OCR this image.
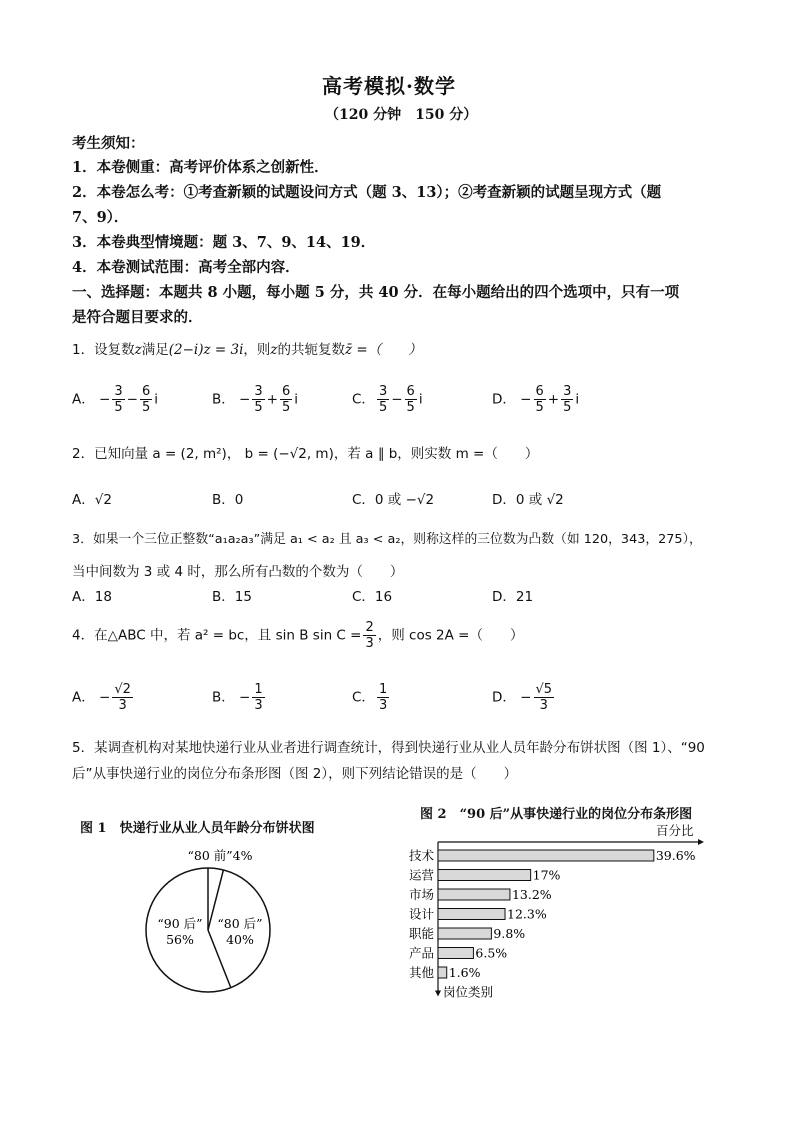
高考模拟·数学
（120 分钟　150 分）
考生须知：
1．本卷侧重：高考评价体系之创新性．
2．本卷怎么考：①考查新颖的试题设问方式（题 3、13）；②考查新颖的试题呈现方式（题
7、9）．
3．本卷典型情境题：题 3、7、9、14、19．
4．本卷测试范围：高考全部内容．
一、选择题：本题共 8 小题，每小题 5 分，共 40 分．在每小题给出的四个选项中，只有一项
是符合题目要求的．
1．设复数z满足(2−i)z = 3i，则z的共轭复数z̄ =（　　）
A． − $\frac{3}{5} - \frac{6}{5}$ i	B． − $\frac{3}{5} + \frac{6}{5}$ i	C． $\frac{3}{5} - \frac{6}{5}$ i	D． − $\frac{6}{5} + \frac{3}{5}$ i
2．已知向量 a = (2, m²)， b = (−√2, m)，若 a ∥ b，则实数 m =（　　）
A．√2	B．0	C．0 或 −√2	D．0 或 √2
3．如果一个三位正整数“a₁a₂a₃”满足 a₁ < a₂ 且 a₃ < a₂，则称这样的三位数为凸数（如 120，343，275），
当中间数为 3 或 4 时，那么所有凸数的个数为（　　）
A．18	B．15	C．16	D．21
4．在△ABC 中，若 a² = bc，且 sin B $\sin C = \frac{2}{3}$ ，则 cos 2A =（　　）
A． − $\frac{√2}{3}$	B． − $\frac{1}{3}$	C． $\frac{1}{3}$	D． − $\frac{√5}{3}$
5．某调查机构对某地快递行业从业者进行调查统计，得到快递行业从业人员年龄分布饼状图（图 1）、“90
后”从事快递行业的岗位分布条形图（图 2），则下列结论错误的是（　　）
图 1　快递行业从业人员年龄分布饼状图
“80 前”4%
“80 后”
40%
“90 后”
56%
图 2　“90 后”从事快递行业的岗位分布条形图
百分比
岗位类别
技术	39.6%
运营	17%
市场	13.2%
设计	12.3%
职能	9.8%
产品	6.5%
其他 1.6%
